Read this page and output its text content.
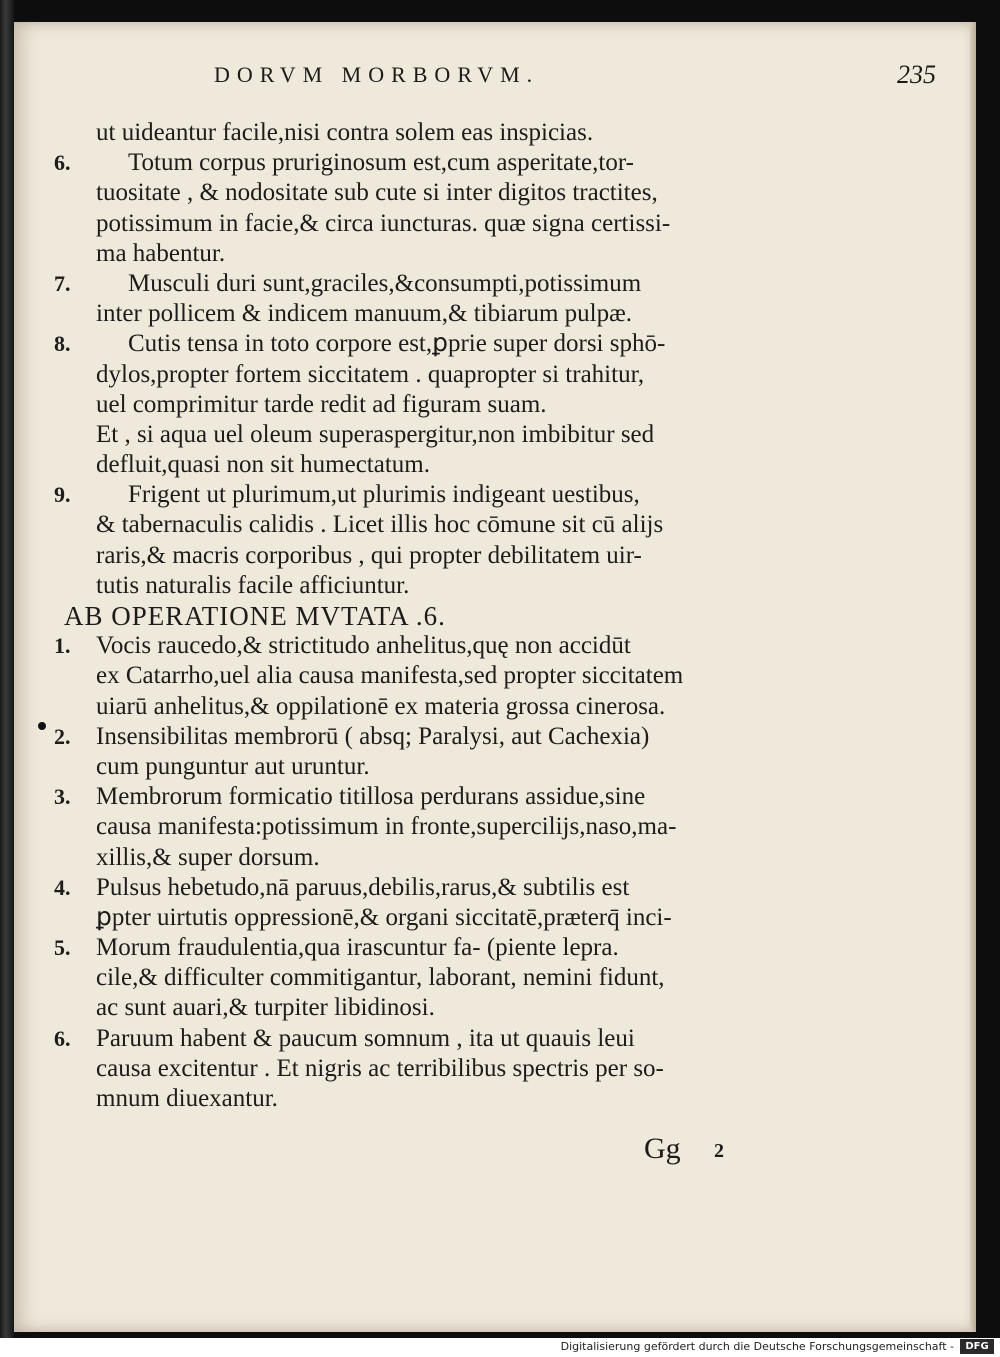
DORVM MORBORVM.	235
ut uideantur facile,nisi contra solem eas inspicias.
6.	Totum corpus pruriginosum est,cum asperitate,tor-
tuositate , & nodositate sub cute si inter digitos tractites,
potissimum in facie,& circa iuncturas. quæ signa certissi-
ma habentur.
7.	Musculi duri sunt,graciles,&consumpti,potissimum
inter pollicem & indicem manuum,& tibiarum pulpæ.
8.	Cutis tensa in toto corpore est,ꝑprie super dorsi sphō-
dylos,propter fortem siccitatem . quapropter si trahitur,
uel comprimitur tarde redit ad figuram suam.
Et , si aqua uel oleum superaspergitur,non imbibitur sed
defluit,quasi non sit humectatum.
9.	Frigent ut plurimum,ut plurimis indigeant uestibus,
& tabernaculis calidis . Licet illis hoc cōmune sit cū alijs
raris,& macris corporibus , qui propter debilitatem uir-
tutis naturalis facile afficiuntur.
AB OPERATIONE MVTATA .6.
1.	Vocis raucedo,& strictitudo anhelitus,quę non accidūt
ex Catarrho,uel alia causa manifesta,sed propter siccitatem
uiarū anhelitus,& oppilationē ex materia grossa cinerosa.
2.	Insensibilitas membrorū ( absq; Paralysi, aut Cachexia)
cum punguntur aut uruntur.
3.	Membrorum formicatio titillosa perdurans assidue,sine
causa manifesta:potissimum in fronte,supercilijs,naso,ma-
xillis,& super dorsum.
4.	Pulsus hebetudo,nā paruus,debilis,rarus,& subtilis est
ꝑpter uirtutis oppressionē,& organi siccitatē,præterq̄ inci-
5.	Morum fraudulentia,qua irascuntur fa- (piente lepra.
cile,& difficulter commitigantur, laborant, nemini fidunt,
ac sunt auari,& turpiter libidinosi.
6.	Paruum habent & paucum somnum , ita ut quauis leui
causa excitentur . Et nigris ac terribilibus spectris per so-
mnum diuexantur.
Gg 2
Digitalisierung gefördert durch die Deutsche Forschungsgemeinschaft -	DFG
